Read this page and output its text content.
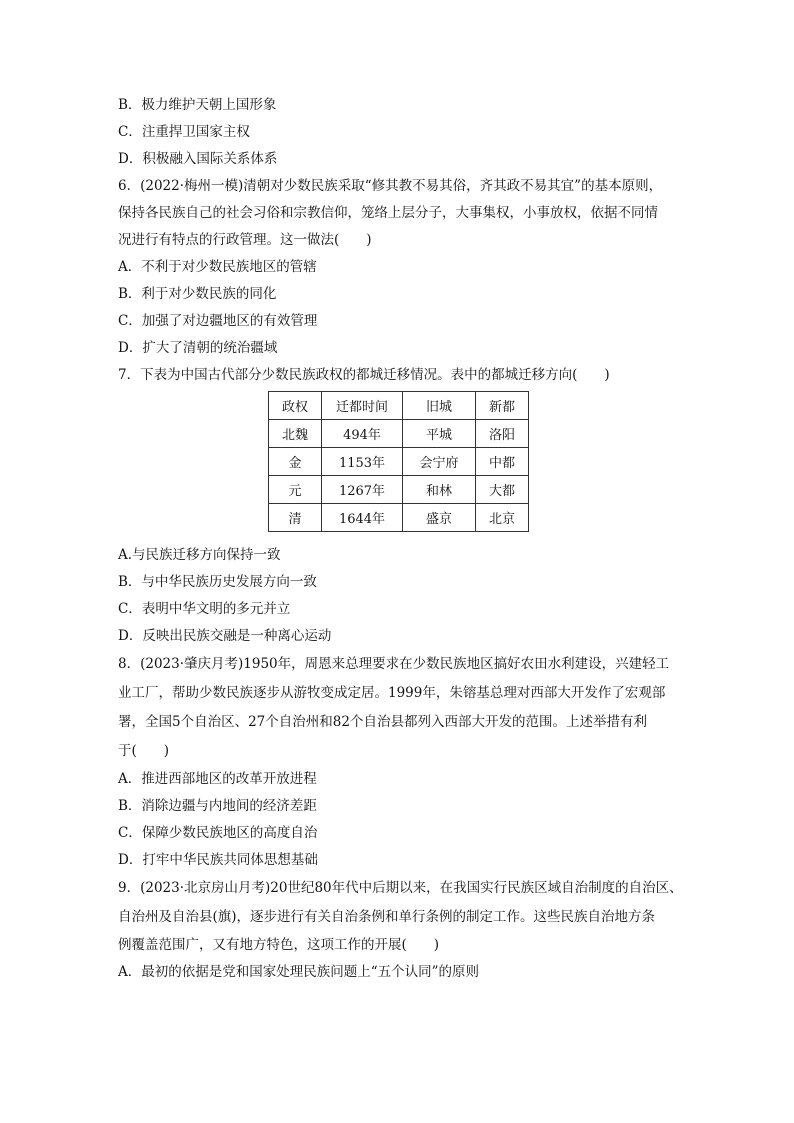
B．极力维护天朝上国形象
C．注重捍卫国家主权
D．积极融入国际关系体系
6．(2022·梅州一模)清朝对少数民族采取“修其教不易其俗，齐其政不易其宜”的基本原则，
保持各民族自己的社会习俗和宗教信仰，笼络上层分子，大事集权，小事放权，依据不同情
况进行有特点的行政管理。这一做法(　　)
A．不利于对少数民族地区的管辖
B．利于对少数民族的同化
C．加强了对边疆地区的有效管理
D．扩大了清朝的统治疆域
7．下表为中国古代部分少数民族政权的都城迁移情况。表中的都城迁移方向(　　)
政权	迁都时间	旧城	新都
北魏	494年	平城	洛阳
金	1153年	会宁府	中都
元	1267年	和林	大都
清	1644年	盛京	北京
A.与民族迁移方向保持一致
B．与中华民族历史发展方向一致
C．表明中华文明的多元并立
D．反映出民族交融是一种离心运动
8．(2023·肇庆月考)1950年，周恩来总理要求在少数民族地区搞好农田水利建设，兴建轻工
业工厂，帮助少数民族逐步从游牧变成定居。1999年，朱镕基总理对西部大开发作了宏观部
署，全国5个自治区、27个自治州和82个自治县都列入西部大开发的范围。上述举措有利
于(　　)
A．推进西部地区的改革开放进程
B．消除边疆与内地间的经济差距
C．保障少数民族地区的高度自治
D．打牢中华民族共同体思想基础
9．(2023·北京房山月考)20世纪80年代中后期以来，在我国实行民族区域自治制度的自治区、
自治州及自治县(旗)，逐步进行有关自治条例和单行条例的制定工作。这些民族自治地方条
例覆盖范围广，又有地方特色，这项工作的开展(　　)
A．最初的依据是党和国家处理民族问题上“五个认同”的原则
